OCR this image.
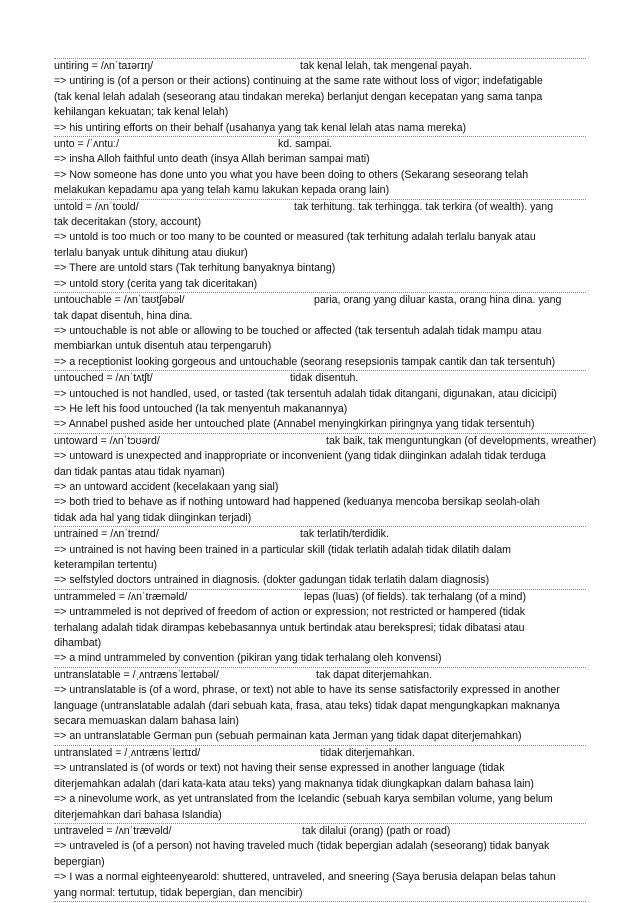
untiring = /ʌnˈtaɪərɪŋ/	tak kenal lelah, tak mengenal payah.
=> untiring is (of a person or their actions) continuing at the same rate without loss of vigor; indefatigable
(tak kenal lelah adalah (seseorang atau tindakan mereka) berlanjut dengan kecepatan yang sama tanpa
kehilangan kekuatan; tak kenal lelah)
=> his untiring efforts on their behalf (usahanya yang tak kenal lelah atas nama mereka)
unto = /ˈʌntuː/	kd. sampai.
=> insha Alloh faithful unto death (insya Allah beriman sampai mati)
=> Now someone has done unto you what you have been doing to others (Sekarang seseorang telah
melakukan kepadamu apa yang telah kamu lakukan kepada orang lain)
untold = /ʌnˈtoʊld/	tak terhitung. tak terhingga. tak terkira (of wealth). yang
tak deceritakan (story, account)
=> untold is too much or too many to be counted or measured (tak terhitung adalah terlalu banyak atau
terlalu banyak untuk dihitung atau diukur)
=> There are untold stars (Tak terhitung banyaknya bintang)
=> untold story (cerita yang tak diceritakan)
untouchable = /ʌnˈtaʊtʃəbəl/	paria, orang yang diluar kasta, orang hina dina. yang
tak dapat disentuh, hina dina.
=> untouchable is not able or allowing to be touched or affected (tak tersentuh adalah tidak mampu atau
membiarkan untuk disentuh atau terpengaruh)
=> a receptionist looking gorgeous and untouchable (seorang resepsionis tampak cantik dan tak tersentuh)
untouched = /ʌnˈtʌtʃt/	tidak disentuh.
=> untouched is not handled, used, or tasted (tak tersentuh adalah tidak ditangani, digunakan, atau dicicipi)
=> He left his food untouched (Ia tak menyentuh makanannya)
=> Annabel pushed aside her untouched plate (Annabel menyingkirkan piringnya yang tidak tersentuh)
untoward = /ʌnˈtɔʊərd/	tak baik, tak menguntungkan (of developments, wreather)
=> untoward is unexpected and inappropriate or inconvenient (yang tidak diinginkan adalah tidak terduga
dan tidak pantas atau tidak nyaman)
=> an untoward accident (kecelakaan yang sial)
=> both tried to behave as if nothing untoward had happened (keduanya mencoba bersikap seolah-olah
tidak ada hal yang tidak diinginkan terjadi)
untrained = /ʌnˈtreɪnd/	tak terlatih/terdidik.
=> untrained is not having been trained in a particular skill (tidak terlatih adalah tidak dilatih dalam
keterampilan tertentu)
=> selfstyled doctors untrained in diagnosis. (dokter gadungan tidak terlatih dalam diagnosis)
untrammeled = /ʌnˈtræməld/	lepas (luas) (of fields). tak terhalang (of a mind)
=> untrammeled is not deprived of freedom of action or expression; not restricted or hampered (tidak
terhalang adalah tidak dirampas kebebasannya untuk bertindak atau berekspresi; tidak dibatasi atau
dihambat)
=> a mind untrammeled by convention (pikiran yang tidak terhalang oleh konvensi)
untranslatable = /ˌʌntrænsˈleɪtəbəl/	tak dapat diterjemahkan.
=> untranslatable is (of a word, phrase, or text) not able to have its sense satisfactorily expressed in another
language (untranslatable adalah (dari sebuah kata, frasa, atau teks) tidak dapat mengungkapkan maknanya
secara memuaskan dalam bahasa lain)
=> an untranslatable German pun (sebuah permainan kata Jerman yang tidak dapat diterjemahkan)
untranslated = /ˌʌntrænsˈleɪtɪd/	tidak diterjemahkan.
=> untranslated is (of words or text) not having their sense expressed in another language (tidak
diterjemahkan adalah (dari kata-kata atau teks) yang maknanya tidak diungkapkan dalam bahasa lain)
=> a ninevolume work, as yet untranslated from the Icelandic (sebuah karya sembilan volume, yang belum
diterjemahkan dari bahasa Islandia)
untraveled = /ʌnˈtrævəld/	tak dilalui (orang) (path or road)
=> untraveled is (of a person) not having traveled much (tidak bepergian adalah (seseorang) tidak banyak
bepergian)
=> I was a normal eighteenyearold: shuttered, untraveled, and sneering (Saya berusia delapan belas tahun
yang normal: tertutup, tidak bepergian, dan mencibir)
